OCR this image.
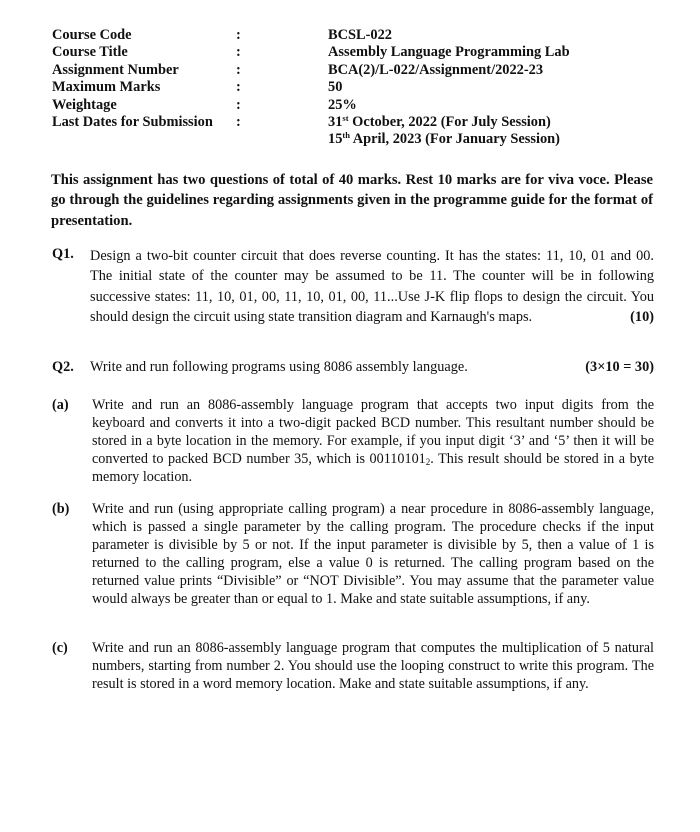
Course Code	:	BCSL-022
Course Title	:	Assembly Language Programming Lab
Assignment Number	:	BCA(2)/L-022/Assignment/2022-23
Maximum Marks	:	50
Weightage	:	25%
Last Dates for Submission :	31st October, 2022 (For July Session)
15th April, 2023 (For January Session)
This assignment has two questions of total of 40 marks. Rest 10 marks are for viva voce. Please go through the guidelines regarding assignments given in the programme guide for the format of presentation.
Q1. Design a two-bit counter circuit that does reverse counting. It has the states: 11, 10, 01 and 00. The initial state of the counter may be assumed to be 11. The counter will be in following successive states: 11, 10, 01, 00, 11, 10, 01, 00, 11...Use J-K flip flops to design the circuit. You should design the circuit using state transition diagram and Karnaugh's maps.	(10)
Q2. Write and run following programs using 8086 assembly language.	(3×10 = 30)
(a) Write and run an 8086-assembly language program that accepts two input digits from the keyboard and converts it into a two-digit packed BCD number. This resultant number should be stored in a byte location in the memory. For example, if you input digit ‘3’ and ‘5’ then it will be converted to packed BCD number 35, which is $00110101_2$. This result should be stored in a byte memory location.
(b) Write and run (using appropriate calling program) a near procedure in 8086-assembly language, which is passed a single parameter by the calling program. The procedure checks if the input parameter is divisible by 5 or not. If the input parameter is divisible by 5, then a value of 1 is returned to the calling program, else a value 0 is returned. The calling program based on the returned value prints “Divisible” or “NOT Divisible”. You may assume that the parameter value would always be greater than or equal to 1. Make and state suitable assumptions, if any.
(c) Write and run an 8086-assembly language program that computes the multiplication of 5 natural numbers, starting from number 2. You should use the looping construct to write this program. The result is stored in a word memory location. Make and state suitable assumptions, if any.
